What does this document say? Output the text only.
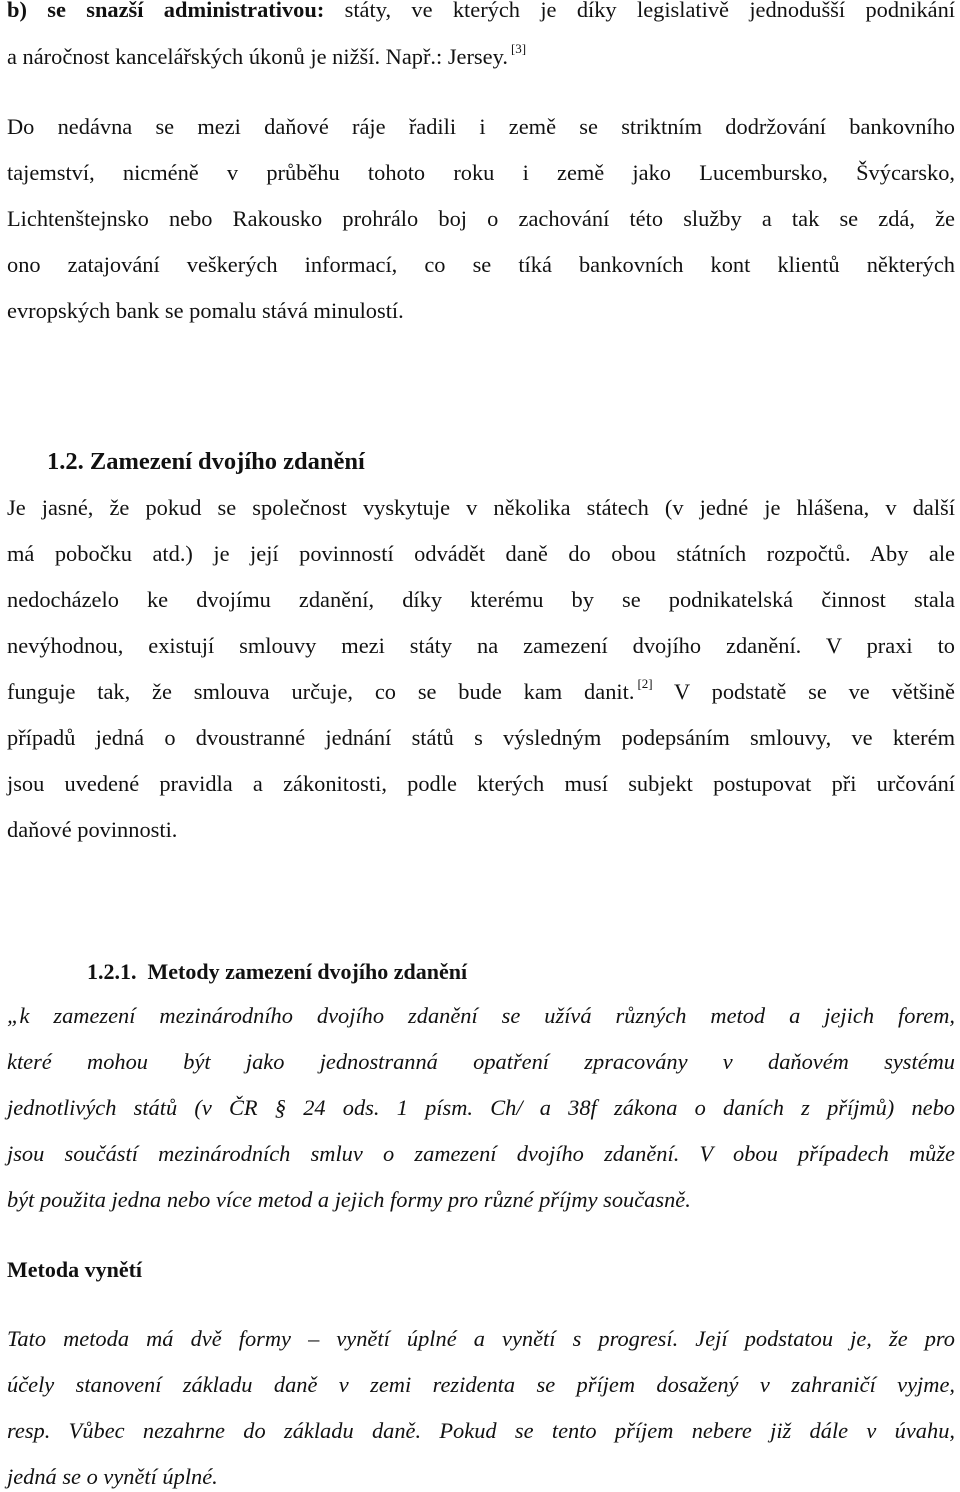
b) se snazší administrativou: státy, ve kterých je díky legislativě jednodušší podnikání
a náročnost kancelářských úkonů je nižší. Např.: Jersey. [3]
Do nedávna se mezi daňové ráje řadili i země se striktním dodržování bankovního
tajemství, nicméně v průběhu tohoto roku i země jako Lucembursko, Švýcarsko,
Lichtenštejnsko nebo Rakousko prohrálo boj o zachování této služby a tak se zdá, že
ono zatajování veškerých informací, co se tíká bankovních kont klientů některých
evropských bank se pomalu stává minulostí.
1.2. Zamezení dvojího zdanění
Je jasné, že pokud se společnost vyskytuje v několika státech (v jedné je hlášena, v další
má pobočku atd.) je její povinností odvádět daně do obou státních rozpočtů. Aby ale
nedocházelo ke dvojímu zdanění, díky kterému by se podnikatelská činnost stala
nevýhodnou, existují smlouvy mezi státy na zamezení dvojího zdanění. V praxi to
funguje tak, že smlouva určuje, co se bude kam danit. [2] V podstatě se ve většině
případů jedná o dvoustranné jednání států s výsledným podepsáním smlouvy, ve kterém
jsou uvedené pravidla a zákonitosti, podle kterých musí subjekt postupovat při určování
daňové povinnosti.
1.2.1.  Metody zamezení dvojího zdanění
„k zamezení mezinárodního dvojího zdanění se užívá různých metod a jejich forem,
které mohou být jako jednostranná opatření zpracovány v daňovém systému
jednotlivých států (v ČR § 24 ods. 1 písm. Ch/ a 38f zákona o daních z příjmů) nebo
jsou součástí mezinárodních smluv o zamezení dvojího zdanění. V obou případech může
být použita jedna nebo více metod a jejich formy pro různé příjmy současně.
Metoda vynětí
Tato metoda má dvě formy – vynětí úplné a vynětí s progresí. Její podstatou je, že pro
účely stanovení základu daně v zemi rezidenta se příjem dosažený v zahraničí vyjme,
resp. Vůbec nezahrne do základu daně. Pokud se tento příjem nebere již dále v úvahu,
jedná se o vynětí úplné.
